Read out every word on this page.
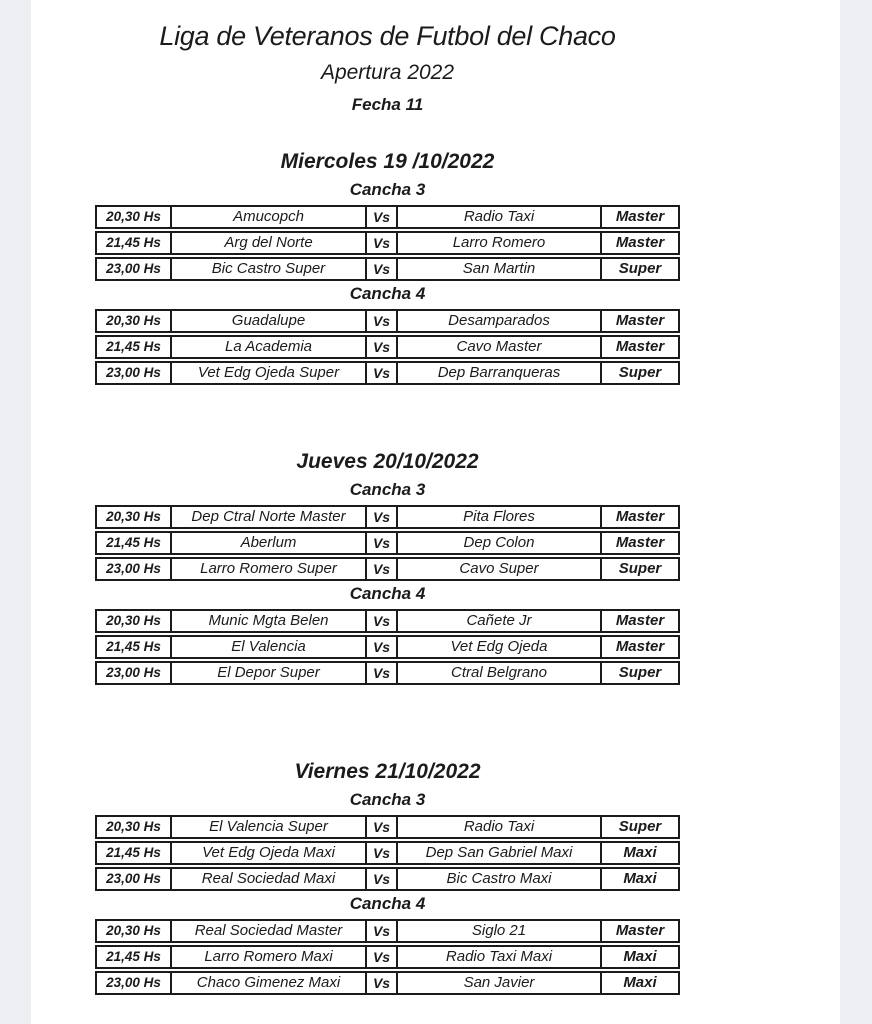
Liga de Veteranos de Futbol del Chaco
Apertura 2022
Fecha 11
Miercoles 19 /10/2022
Cancha 3
20,30 Hs	Amucopch	Vs	Radio Taxi	Master
21,45 Hs	Arg del Norte	Vs	Larro Romero	Master
23,00 Hs	Bic Castro Super	Vs	San Martin	Super
Cancha 4
20,30 Hs	Guadalupe	Vs	Desamparados	Master
21,45 Hs	La Academia	Vs	Cavo Master	Master
23,00 Hs	Vet Edg Ojeda Super	Vs	Dep Barranqueras	Super
Jueves 20/10/2022
Cancha 3
20,30 Hs	Dep Ctral Norte Master	Vs	Pita Flores	Master
21,45 Hs	Aberlum	Vs	Dep Colon	Master
23,00 Hs	Larro Romero Super	Vs	Cavo Super	Super
Cancha 4
20,30 Hs	Munic Mgta Belen	Vs	Cañete Jr	Master
21,45 Hs	El Valencia	Vs	Vet Edg Ojeda	Master
23,00 Hs	El Depor Super	Vs	Ctral Belgrano	Super
Viernes 21/10/2022
Cancha 3
20,30 Hs	El Valencia Super	Vs	Radio Taxi	Super
21,45 Hs	Vet Edg Ojeda Maxi	Vs	Dep San Gabriel Maxi	Maxi
23,00 Hs	Real Sociedad Maxi	Vs	Bic Castro Maxi	Maxi
Cancha 4
20,30 Hs	Real Sociedad Master	Vs	Siglo 21	Master
21,45 Hs	Larro Romero Maxi	Vs	Radio Taxi Maxi	Maxi
23,00 Hs	Chaco Gimenez Maxi	Vs	San Javier	Maxi
